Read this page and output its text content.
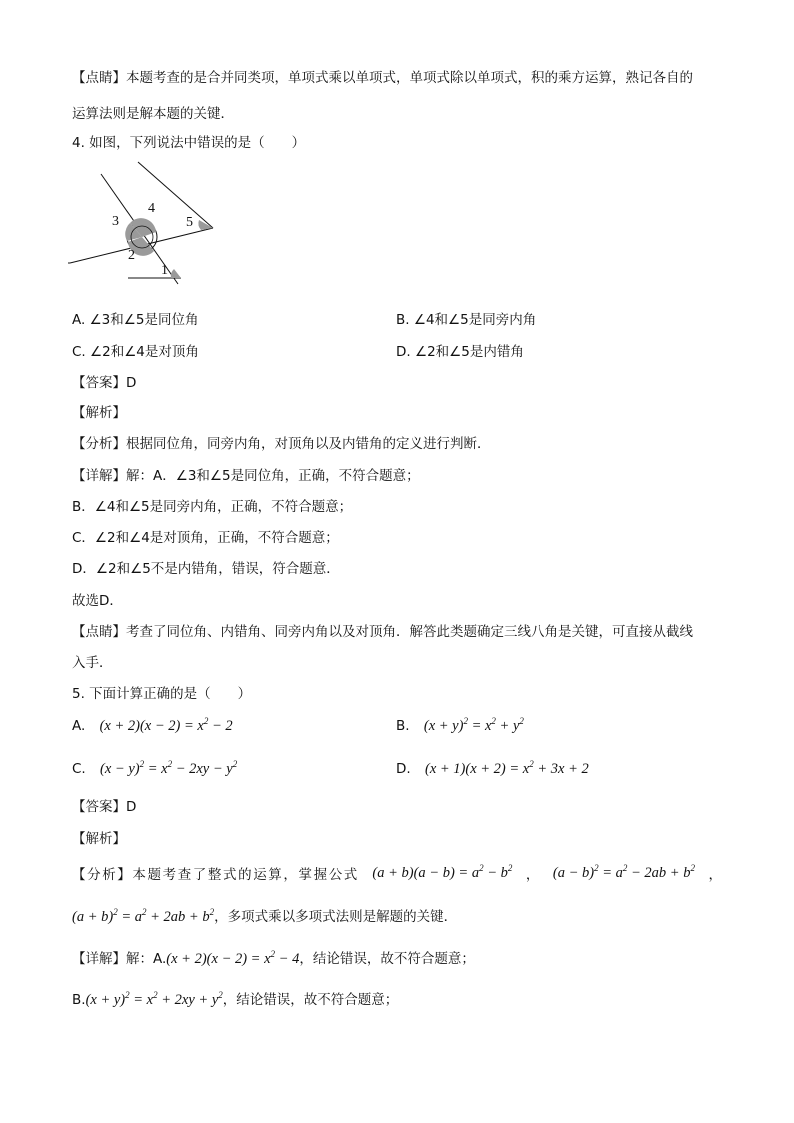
【点睛】本题考查的是合并同类项，单项式乘以单项式，单项式除以单项式，积的乘方运算，熟记各自的
运算法则是解本题的关键．
4. 如图，下列说法中错误的是（　　）
3
4
5
2
1
A. ∠3和∠5是同位角	B. ∠4和∠5是同旁内角
C. ∠2和∠4是对顶角	D. ∠2和∠5是内错角
【答案】D
【解析】
【分析】根据同位角，同旁内角，对顶角以及内错角的定义进行判断．
【详解】解：A．∠3和∠5是同位角，正确，不符合题意；
B．∠4和∠5是同旁内角，正确，不符合题意；
C．∠2和∠4是对顶角，正确，不符合题意；
D．∠2和∠5不是内错角，错误，符合题意．
故选D．
【点睛】考查了同位角、内错角、同旁内角以及对顶角．解答此类题确定三线八角是关键，可直接从截线
入手．
5. 下面计算正确的是（　　）
A. $(x + 2)(x - 2) = x^2 - 2$	B. $(x + y)^2 = x^2 + y^2$
C. $(x - y)^2 = x^2 - 2xy - y^2$	D. $(x + 1)(x + 2) = x^2 + 3x + 2$
【答案】D
【解析】
【分析】本题考查了整式的运算，掌握公式 $(a + b)(a - b) = a^2 - b^2$ ， $(a - b)^2 = a^2 - 2ab + b^2$ ，
$(a + b)^2 = a^2 + 2ab + b^2$，多项式乘以多项式法则是解题的关键．
【详解】解：$A.(x + 2)(x - 2) = x^2 - 4$，结论错误，故不符合题意；
$B.(x + y)^2 = x^2 + 2xy + y^2$，结论错误，故不符合题意；
